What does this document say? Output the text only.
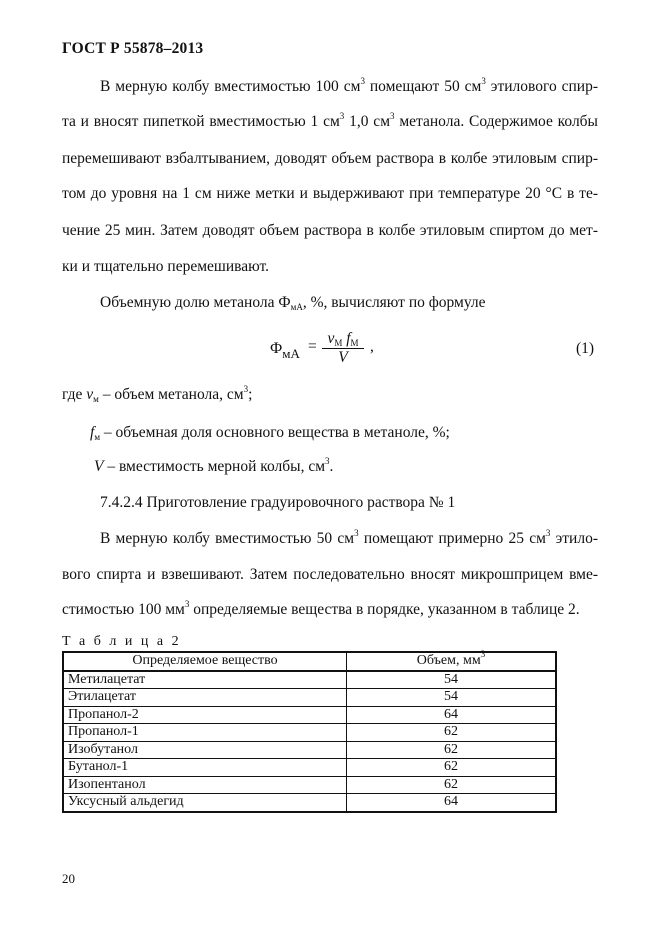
ГОСТ Р 55878–2013
В мерную колбу вместимостью 100 $см^3$ помещают 50 $см^3$ этилового спир-
та и вносят пипеткой вместимостью 1 $см^3$ 1,0 $см^3$ метанола. Содержимое колбы
перемешивают взбалтыванием, доводят объем раствора в колбе этиловым спир-
том до уровня на 1 см ниже метки и выдерживают при температуре 20 °C в те-
чение 25 мин. Затем доводят объем раствора в колбе этиловым спиртом до мет-
ки и тщательно перемешивают.
Объемную долю метанола $Ф_{мА}$, %, вычисляют по формуле
$Ф_{мА} = v_М$ $f_М$
V
,	(1)
где $v_м$ – объем метанола, $см^3$;
$f_м$ – объемная доля основного вещества в метаноле, %;
V – вместимость мерной колбы, $см^3$.
7.4.2.4 Приготовление градуировочного раствора № 1
В мерную колбу вместимостью 50 $см^3$ помещают примерно 25 $см^3$ этило-
вого спирта и взвешивают. Затем последовательно вносят микрошприцем вме-
стимостью 100 $мм^3$ определяемые вещества в порядке, указанном в таблице 2.
Т а б л и ц а 2
Определяемое вещество	Объем, $мм^3$
Метилацетат	54
Этилацетат	54
Пропанол-2	64
Пропанол-1	62
Изобутанол	62
Бутанол-1	62
Изопентанол	62
Уксусный альдегид	64
20
